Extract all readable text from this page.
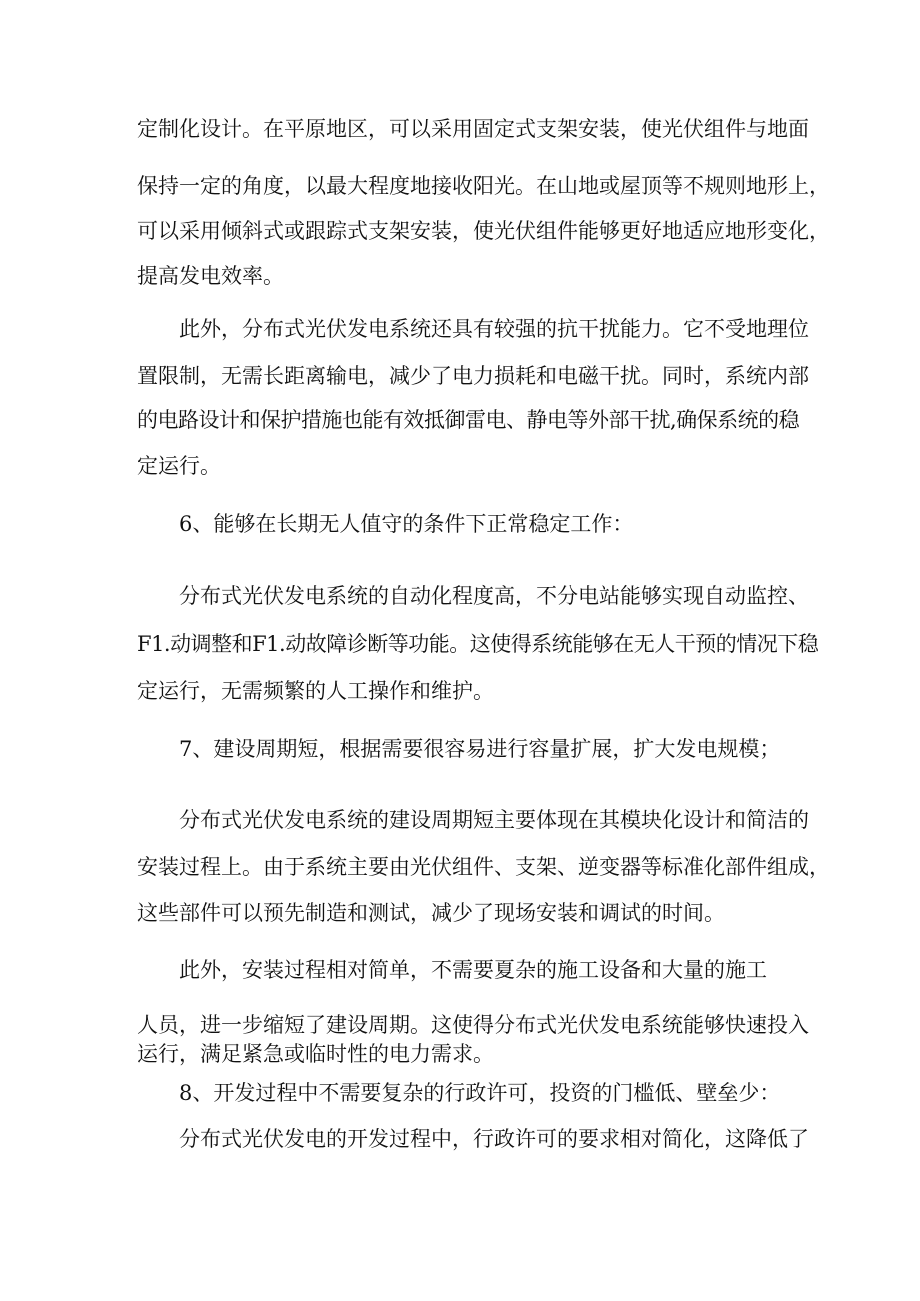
定制化设计。在平原地区，可以采用固定式支架安装，使光伏组件与地面
保持一定的角度，以最大程度地接收阳光。在山地或屋顶等不规则地形上，
可以采用倾斜式或跟踪式支架安装，使光伏组件能够更好地适应地形变化，
提高发电效率。
此外，分布式光伏发电系统还具有较强的抗干扰能力。它不受地理位
置限制，无需长距离输电，减少了电力损耗和电磁干扰。同时，系统内部
的电路设计和保护措施也能有效抵御雷电、静电等外部干扰,确保系统的稳
定运行。
6、能够在长期无人值守的条件下正常稳定工作：
分布式光伏发电系统的自动化程度高，不分电站能够实现自动监控、
F1.动调整和F1.动故障诊断等功能。这使得系统能够在无人干预的情况下稳
定运行，无需频繁的人工操作和维护。
7、建设周期短，根据需要很容易进行容量扩展，扩大发电规模；
分布式光伏发电系统的建设周期短主要体现在其模块化设计和简洁的
安装过程上。由于系统主要由光伏组件、支架、逆变器等标准化部件组成，
这些部件可以预先制造和测试，减少了现场安装和调试的时间。
此外，安装过程相对简单，不需要夏杂的施工设备和大量的施工
人员，进一步缩短了建设周期。这使得分布式光伏发电系统能够快速投入
运行，满足紧急或临时性的电力需求。
8、开发过程中不需要复杂的行政许可，投资的门槛低、壁垒少：
分布式光伏发电的开发过程中，行政许可的要求相对简化，这降低了
